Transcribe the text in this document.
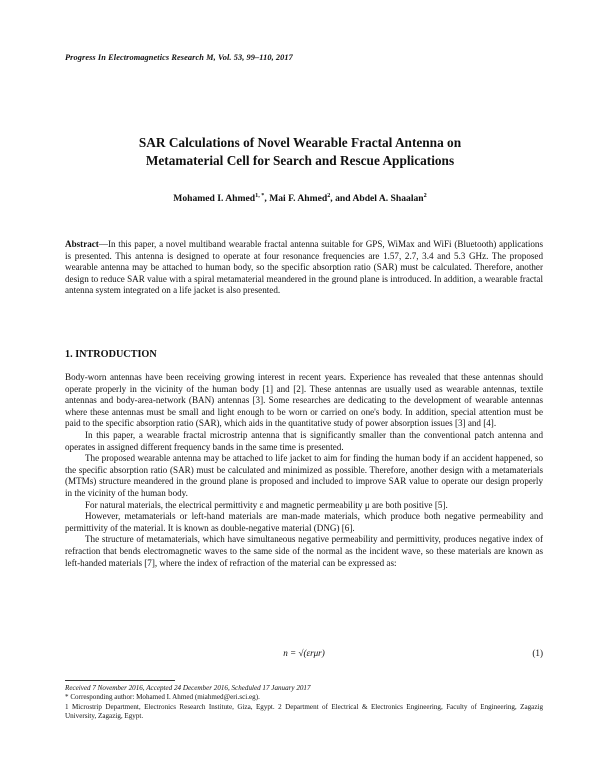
Progress In Electromagnetics Research M, Vol. 53, 99–110, 2017
SAR Calculations of Novel Wearable Fractal Antenna on
Metamaterial Cell for Search and Rescue Applications
Mohamed I. Ahmed$^{1, *}$, Mai F. Ahmed$^2$, and Abdel A. Shaalan$^2$
Abstract—In this paper, a novel multiband wearable fractal antenna suitable for GPS, WiMax and WiFi (Bluetooth) applications is presented. This antenna is designed to operate at four resonance frequencies are 1.57, 2.7, 3.4 and 5.3 GHz. The proposed wearable antenna may be attached to human body, so the specific absorption ratio (SAR) must be calculated. Therefore, another design to reduce SAR value with a spiral metamaterial meandered in the ground plane is introduced. In addition, a wearable fractal antenna system integrated on a life jacket is also presented.
1. INTRODUCTION

Body-worn antennas have been receiving growing interest in recent years. Experience has revealed that these antennas should operate properly in the vicinity of the human body [1] and [2]. These antennas are usually used as wearable antennas, textile antennas and body-area-network (BAN) antennas [3]. Some researches are dedicating to the development of wearable antennas where these antennas must be small and light enough to be worn or carried on one's body. In addition, special attention must be paid to the specific absorption ratio (SAR), which aids in the quantitative study of power absorption issues [3] and [4].

In this paper, a wearable fractal microstrip antenna that is significantly smaller than the conventional patch antenna and operates in assigned different frequency bands in the same time is presented.

The proposed wearable antenna may be attached to life jacket to aim for finding the human body if an accident happened, so the specific absorption ratio (SAR) must be calculated and minimized as possible. Therefore, another design with a metamaterials (MTMs) structure meandered in the ground plane is proposed and included to improve SAR value to operate our design properly in the vicinity of the human body.

For natural materials, the electrical permittivity ε and magnetic permeability μ are both positive [5].

However, metamaterials or left-hand materials are man-made materials, which produce both negative permeability and permittivity of the material. It is known as double-negative material (DNG) [6].

The structure of metamaterials, which have simultaneous negative permeability and permittivity, produces negative index of refraction that bends electromagnetic waves to the same side of the normal as the incident wave, so these materials are known as left-handed materials [7], where the index of refraction of the material can be expressed as:

n = √(εrμr)	(1)

Received 7 November 2016, Accepted 24 December 2016, Scheduled 17 January 2017

* Corresponding author: Mohamed I. Ahmed (miahmed@eri.sci.eg).

1 Microstrip Department, Electronics Research Institute, Giza, Egypt. 2 Department of Electrical & Electronics Engineering, Faculty of Engineering, Zagazig University, Zagazig, Egypt.
